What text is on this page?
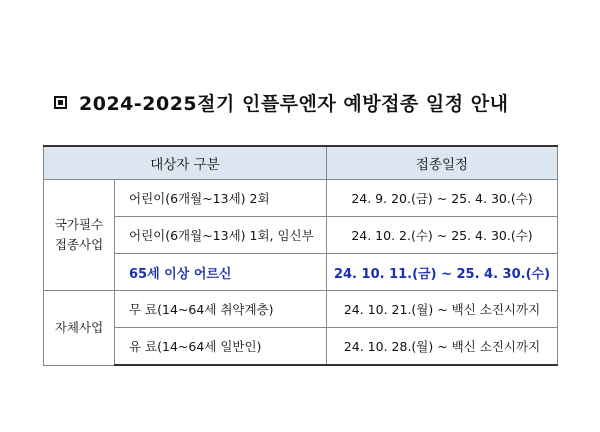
2024-2025절기 인플루엔자 예방접종 일정 안내
대상자 구분		접종일정

국가필수
접종사업	어린이(6개월~13세) 2회	24. 9. 20.(금) ~ 25. 4. 30.(수)
	어린이(6개월~13세) 1회, 임신부	24. 10. 2.(수) ~ 25. 4. 30.(수)
	65세 이상 어르신	24. 10. 11.(금) ~ 25. 4. 30.(수)

자체사업	무 료(14~64세 취약계층)	24. 10. 21.(월) ~ 백신 소진시까지
	유 료(14~64세 일반인)	24. 10. 28.(월) ~ 백신 소진시까지
